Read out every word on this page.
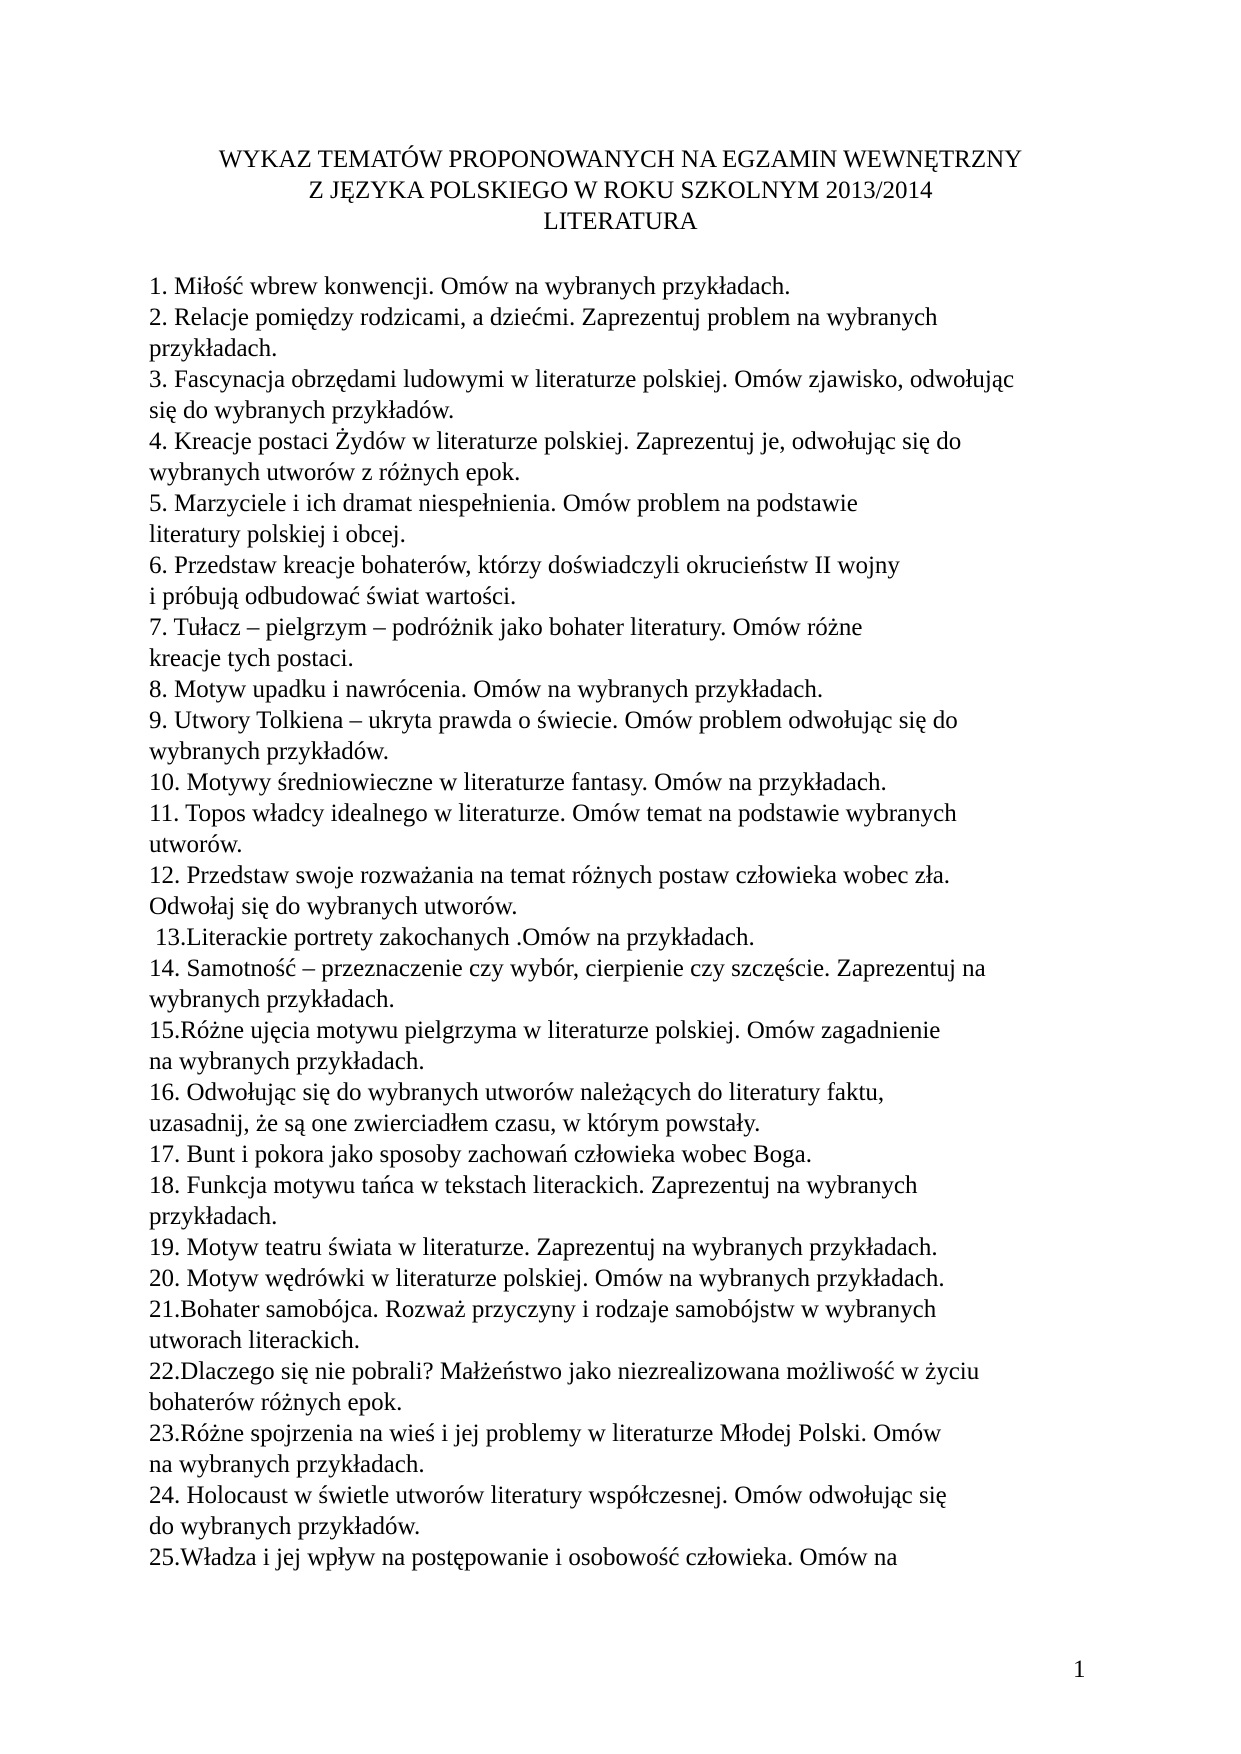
WYKAZ TEMATÓW PROPONOWANYCH NA EGZAMIN WEWNĘTRZNY
Z JĘZYKA POLSKIEGO W ROKU SZKOLNYM 2013/2014
LITERATURA
1. Miłość wbrew konwencji. Omów na wybranych przykładach.
2. Relacje pomiędzy rodzicami, a dziećmi. Zaprezentuj problem na wybranych
przykładach.
3. Fascynacja obrzędami ludowymi w literaturze polskiej. Omów zjawisko, odwołując
się do wybranych przykładów.
4. Kreacje postaci Żydów w literaturze polskiej. Zaprezentuj je, odwołując się do
wybranych utworów z różnych epok.
5. Marzyciele i ich dramat niespełnienia. Omów problem na podstawie
literatury polskiej i obcej.
6. Przedstaw kreacje bohaterów, którzy doświadczyli okrucieństw II wojny
i próbują odbudować świat wartości.
7. Tułacz – pielgrzym – podróżnik jako bohater literatury. Omów różne
kreacje tych postaci.
8. Motyw upadku i nawrócenia. Omów na wybranych przykładach.
9. Utwory Tolkiena – ukryta prawda o świecie. Omów problem odwołując się do
wybranych przykładów.
10. Motywy średniowieczne w literaturze fantasy. Omów na przykładach.
11. Topos władcy idealnego w literaturze. Omów temat na podstawie wybranych
utworów.
12. Przedstaw swoje rozważania na temat różnych postaw człowieka wobec zła.
Odwołaj się do wybranych utworów.
13.Literackie portrety zakochanych .Omów na przykładach.
14. Samotność – przeznaczenie czy wybór, cierpienie czy szczęście. Zaprezentuj na
wybranych przykładach.
15.Różne ujęcia motywu pielgrzyma w literaturze polskiej. Omów zagadnienie
na wybranych przykładach.
16. Odwołując się do wybranych utworów należących do literatury faktu,
uzasadnij, że są one zwierciadłem czasu, w którym powstały.
17. Bunt i pokora jako sposoby zachowań człowieka wobec Boga.
18. Funkcja motywu tańca w tekstach literackich. Zaprezentuj na wybranych
przykładach.
19. Motyw teatru świata w literaturze. Zaprezentuj na wybranych przykładach.
20. Motyw wędrówki w literaturze polskiej. Omów na wybranych przykładach.
21.Bohater samobójca. Rozważ przyczyny i rodzaje samobójstw w wybranych
utworach literackich.
22.Dlaczego się nie pobrali? Małżeństwo jako niezrealizowana możliwość w życiu
bohaterów różnych epok.
23.Różne spojrzenia na wieś i jej problemy w literaturze Młodej Polski. Omów
na wybranych przykładach.
24. Holocaust w świetle utworów literatury współczesnej. Omów odwołując się
do wybranych przykładów.
25.Władza i jej wpływ na postępowanie i osobowość człowieka. Omów na
1
